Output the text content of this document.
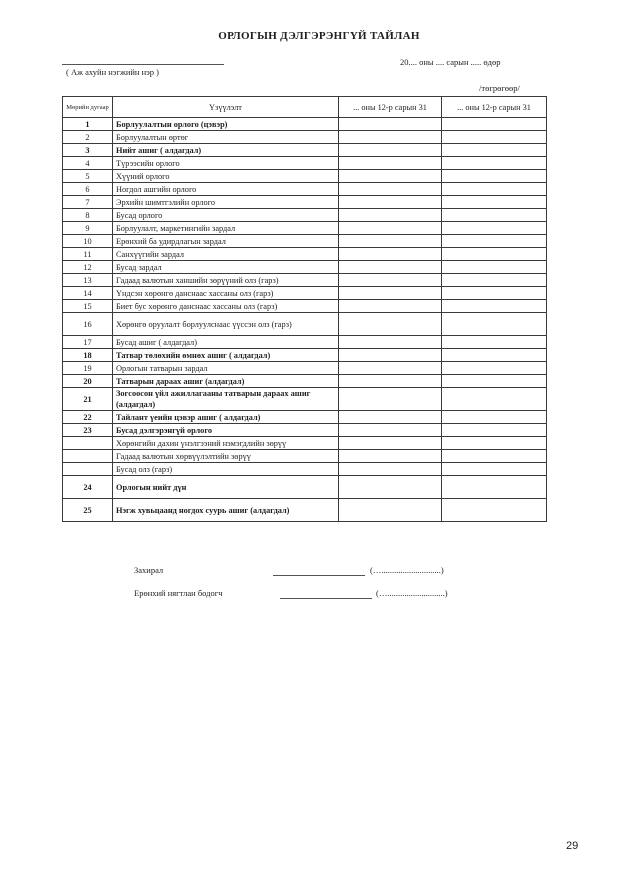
ОРЛОГЫН ДЭЛГЭРЭНГҮЙ ТАЙЛАН
( Аж ахуйн нэгжийн нэр )
20.... оны .... сарын ..... өдөр
/төгрөгөөр/
Мөрийн дугаар	Үзүүлэлт	... оны 12-р сарын 31	... оны 12-р сарын 31
1	Борлуулалтын орлого (цэвэр)		
2	Борлуулалтын өртөг		
3	Нийт ашиг ( алдагдал)		
4	Түрээсийн орлого		
5	Хүүний орлого		
6	Ногдол ашгийн орлого		
7	Эрхийн шимтгэлийн орлого		
8	Бусад орлого		
9	Борлуулалт, маркетингийн зардал		
10	Ерөнхий ба удирдлагын зардал		
11	Санхүүгийн зардал		
12	Бусад зардал		
13	Гадаад валютын ханшийн зөрүүний олз (гарз)		
14	Үндсэн хөрөнгө данснаас хассаны олз (гарз)		
15	Биет бус хөрөнгө данснаас хассаны олз (гарз)		
16	Хөрөнгө оруулалт борлуулснаас үүссэн олз (гарз)		
17	Бусад ашиг ( алдагдал)		
18	Татвар төлөхийн өмнөх ашиг ( алдагдал)		
19	Орлогын татварын зардал		
20	Татварын дараах ашиг (алдагдал)		
21	Зогсоосон үйл ажиллагааны татварын дараах ашиг (алдагдал)		
22	Тайлант үеийн цэвэр ашиг ( алдагдал)		
23	Бусад дэлгэрэнгүй орлого		
	Хөрөнгийн дахин үнэлгээний нэмэгдлийн зөрүү		
	Гадаад валютын хөрвүүлэлтийн зөрүү		
	Бусад олз (гарз)		
24	Орлогын нийт дүн		
25	Нэгж хувьцаанд ногдох суурь ашиг (алдагдал)		
Захирал	(…............................)
Ерөнхий нягтлан бодогч	(…...........................)
29
